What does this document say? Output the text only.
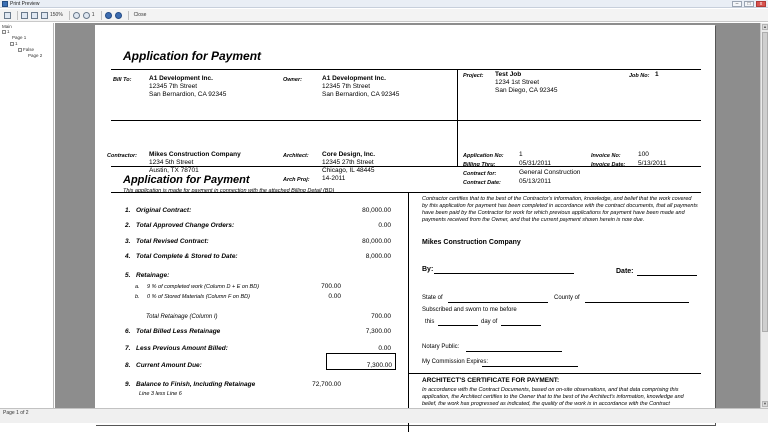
Print Preview	–	□	x
150%	1	Close
Main
- 1
Page 1
- 1
- False
Page 2	Application for Payment
Bill To:	A1 Development Inc.
12345 7th Street
San Bernardion, CA 92345
Owner:	A1 Development Inc.
12345 7th Street
San Bernardion, CA 92345
Project: Test Job
1234 1st Street
San Diego, CA 92345
Job No: 1
Contractor: Mikes Construction Company
1234 5th Street
Austin, TX 78701
Architect: Core Design, Inc.
12345 27th Street
Chicago, IL 48445
Arch Proj: 14-2011
Application No: 1
Billing Thru:	05/31/2011
Contract for:	General Construction
Contract Date:	05/13/2011
Invoice No:	100
Invoice Date: 5/13/2011
Application for Payment
This application is made for payment in connection with the attached Billing Detail (BD)
1. Original Contract:	80,000.00
2. Total Approved Change Orders:	0.00
3. Total Revised Contract:	80,000.00
4. Total Complete & Stored to Date:	8,000.00
5. Retainage:
a. 9 % of completed work (Column D + E on BD)	700.00
b. 0 % of Stored Materials (Column F on BD)	0.00
Total Retainage (Column I)	700.00
6. Total Billed Less Retainage	7,300.00
7. Less Previous Amount Billed:	0.00
8. Current Amount Due:	7,300.00
9. Balance to Finish, Including Retainage	72,700.00
Line 3 less Line 6
Contractor certifies that to the best of the Contractor's information, knowledge, and belief that the work covered by this application for payment has been completed in accordance with the contract documents, that all payments have been paid by the Contractor for work for which previous applications for payment have been made and payments received from the Owner, and that the current payment shown herein is now due.
Mikes Construction Company
By:	Date:
State of	County of
Subscribed and sworn to me before
this	day of
Notary Public:
My Commission Expires:
ARCHITECT'S CERTIFICATE FOR PAYMENT:
In accordance with the Contract Documents, based on on-site observations, and that data comprising this application, the Architect certifies to the Owner that to the best of the Architect's information, knowledge and belief, the work has progressed as indicated, the quality of the work is in accordance with the Contract
▲
▼
Page 1 of 2
